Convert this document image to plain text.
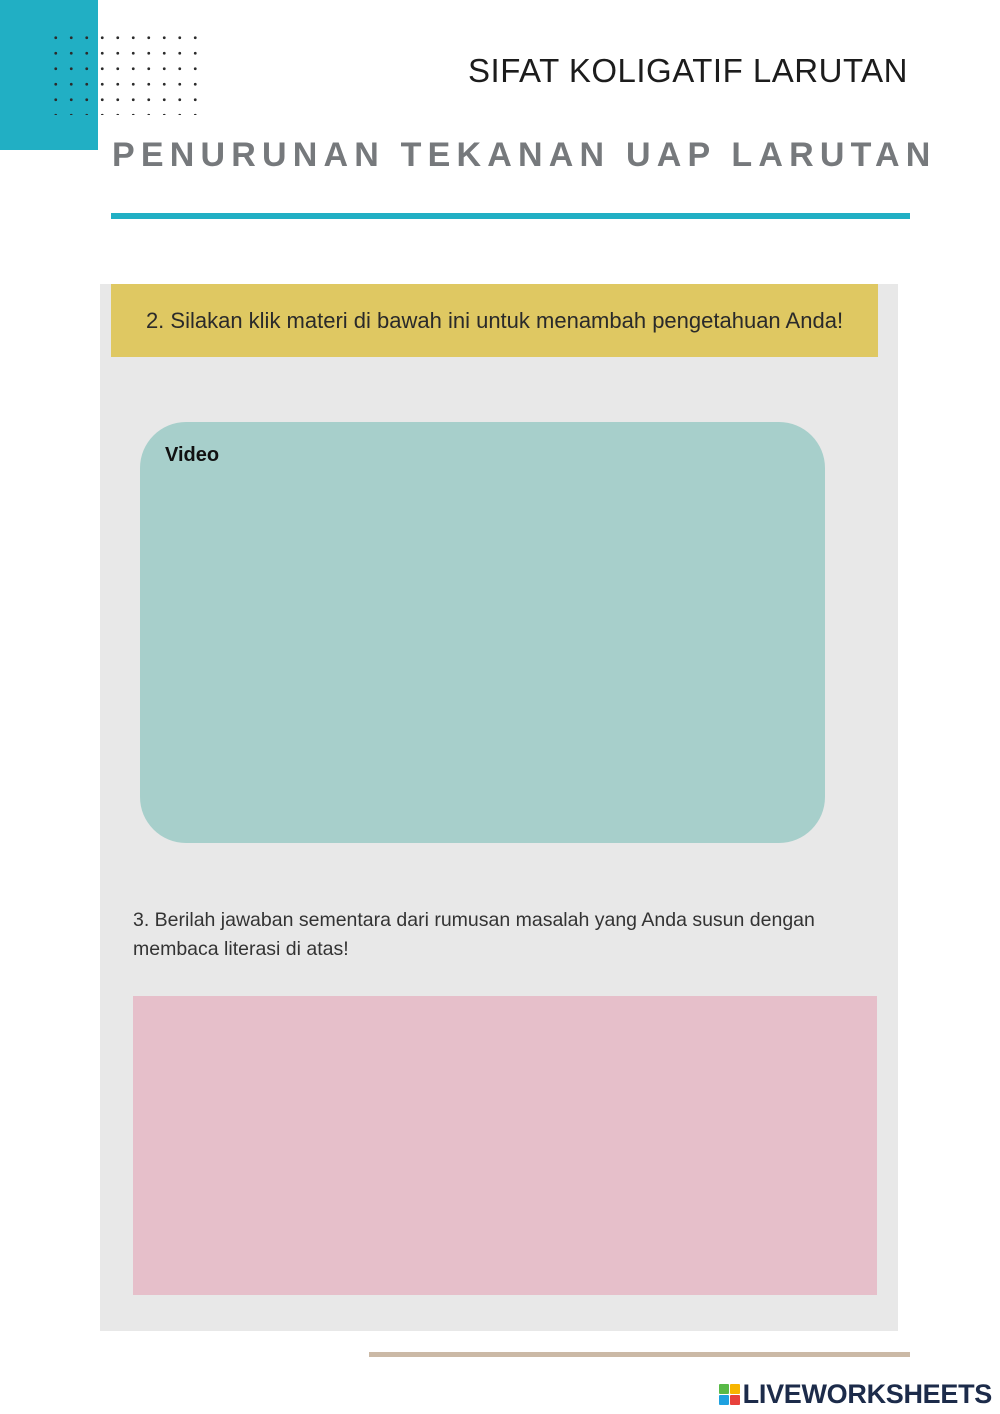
SIFAT KOLIGATIF LARUTAN
PENURUNAN TEKANAN UAP LARUTAN
2. Silakan klik materi di bawah ini untuk menambah pengetahuan Anda!
Video
3. Berilah jawaban sementara dari rumusan masalah yang Anda susun dengan membaca literasi di atas!
LIVEWORKSHEETS
